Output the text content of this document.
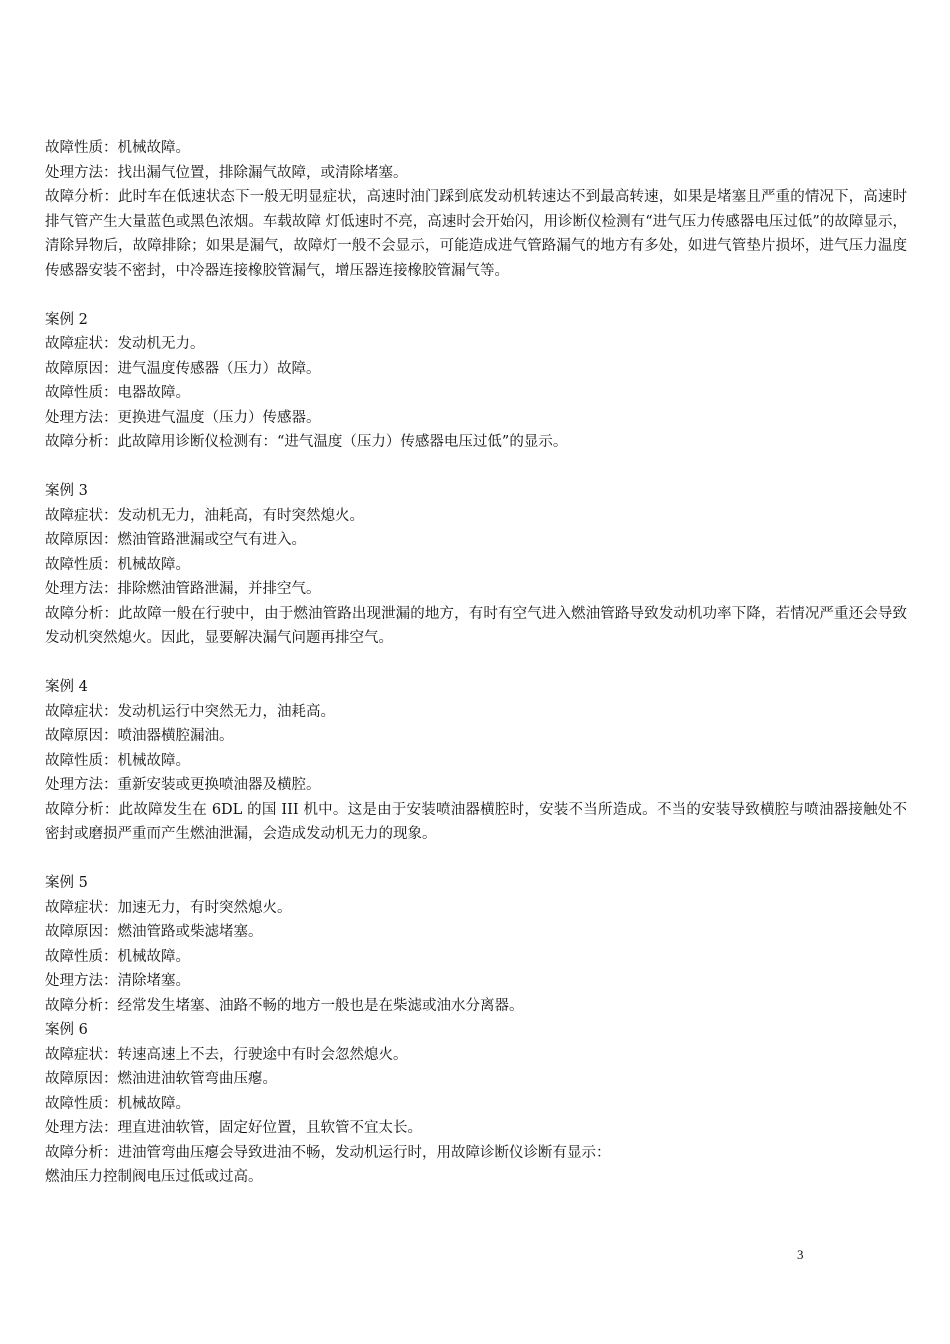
故障性质：机械故障。

处理方法：找出漏气位置，排除漏气故障，或清除堵塞。

故障分析：此时车在低速状态下一般无明显症状，高速时油门踩到底发动机转速达不到最高转速，如果是堵塞且严重的情况下，高速时排气管产生大量蓝色或黑色浓烟。车载故障 灯低速时不亮，高速时会开始闪，用诊断仪检测有“进气压力传感器电压过低”的故障显示，清除异物后，故障排除；如果是漏气，故障灯一般不会显示，可能造成进气管路漏气的地方有多处，如进气管垫片损坏，进气压力温度传感器安装不密封，中冷器连接橡胶管漏气，增压器连接橡胶管漏气等。

案例 2

故障症状：发动机无力。

故障原因：进气温度传感器（压力）故障。

故障性质：电器故障。

处理方法：更换进气温度（压力）传感器。

故障分析：此故障用诊断仪检测有：“进气温度（压力）传感器电压过低”的显示。

案例 3

故障症状：发动机无力，油耗高，有时突然熄火。

故障原因：燃油管路泄漏或空气有进入。

故障性质：机械故障。

处理方法：排除燃油管路泄漏，并排空气。

故障分析：此故障一般在行驶中，由于燃油管路出现泄漏的地方，有时有空气进入燃油管路导致发动机功率下降，若情况严重还会导致发动机突然熄火。因此，显要解决漏气问题再排空气。

案例 4

故障症状：发动机运行中突然无力，油耗高。

故障原因：喷油器横腔漏油。

故障性质：机械故障。

处理方法：重新安装或更换喷油器及横腔。

故障分析：此故障发生在 6DL 的国 III 机中。这是由于安装喷油器横腔时，安装不当所造成。不当的安装导致横腔与喷油器接触处不密封或磨损严重而产生燃油泄漏，会造成发动机无力的现象。

案例 5

故障症状：加速无力，有时突然熄火。

故障原因：燃油管路或柴滤堵塞。

故障性质：机械故障。

处理方法：清除堵塞。

故障分析：经常发生堵塞、油路不畅的地方一般也是在柴滤或油水分离器。

案例 6

故障症状：转速高速上不去，行驶途中有时会忽然熄火。

故障原因：燃油进油软管弯曲压瘪。

故障性质：机械故障。

处理方法：理直进油软管，固定好位置，且软管不宜太长。

故障分析：进油管弯曲压瘪会导致进油不畅，发动机运行时，用故障诊断仪诊断有显示：

燃油压力控制阀电压过低或过高。

3
